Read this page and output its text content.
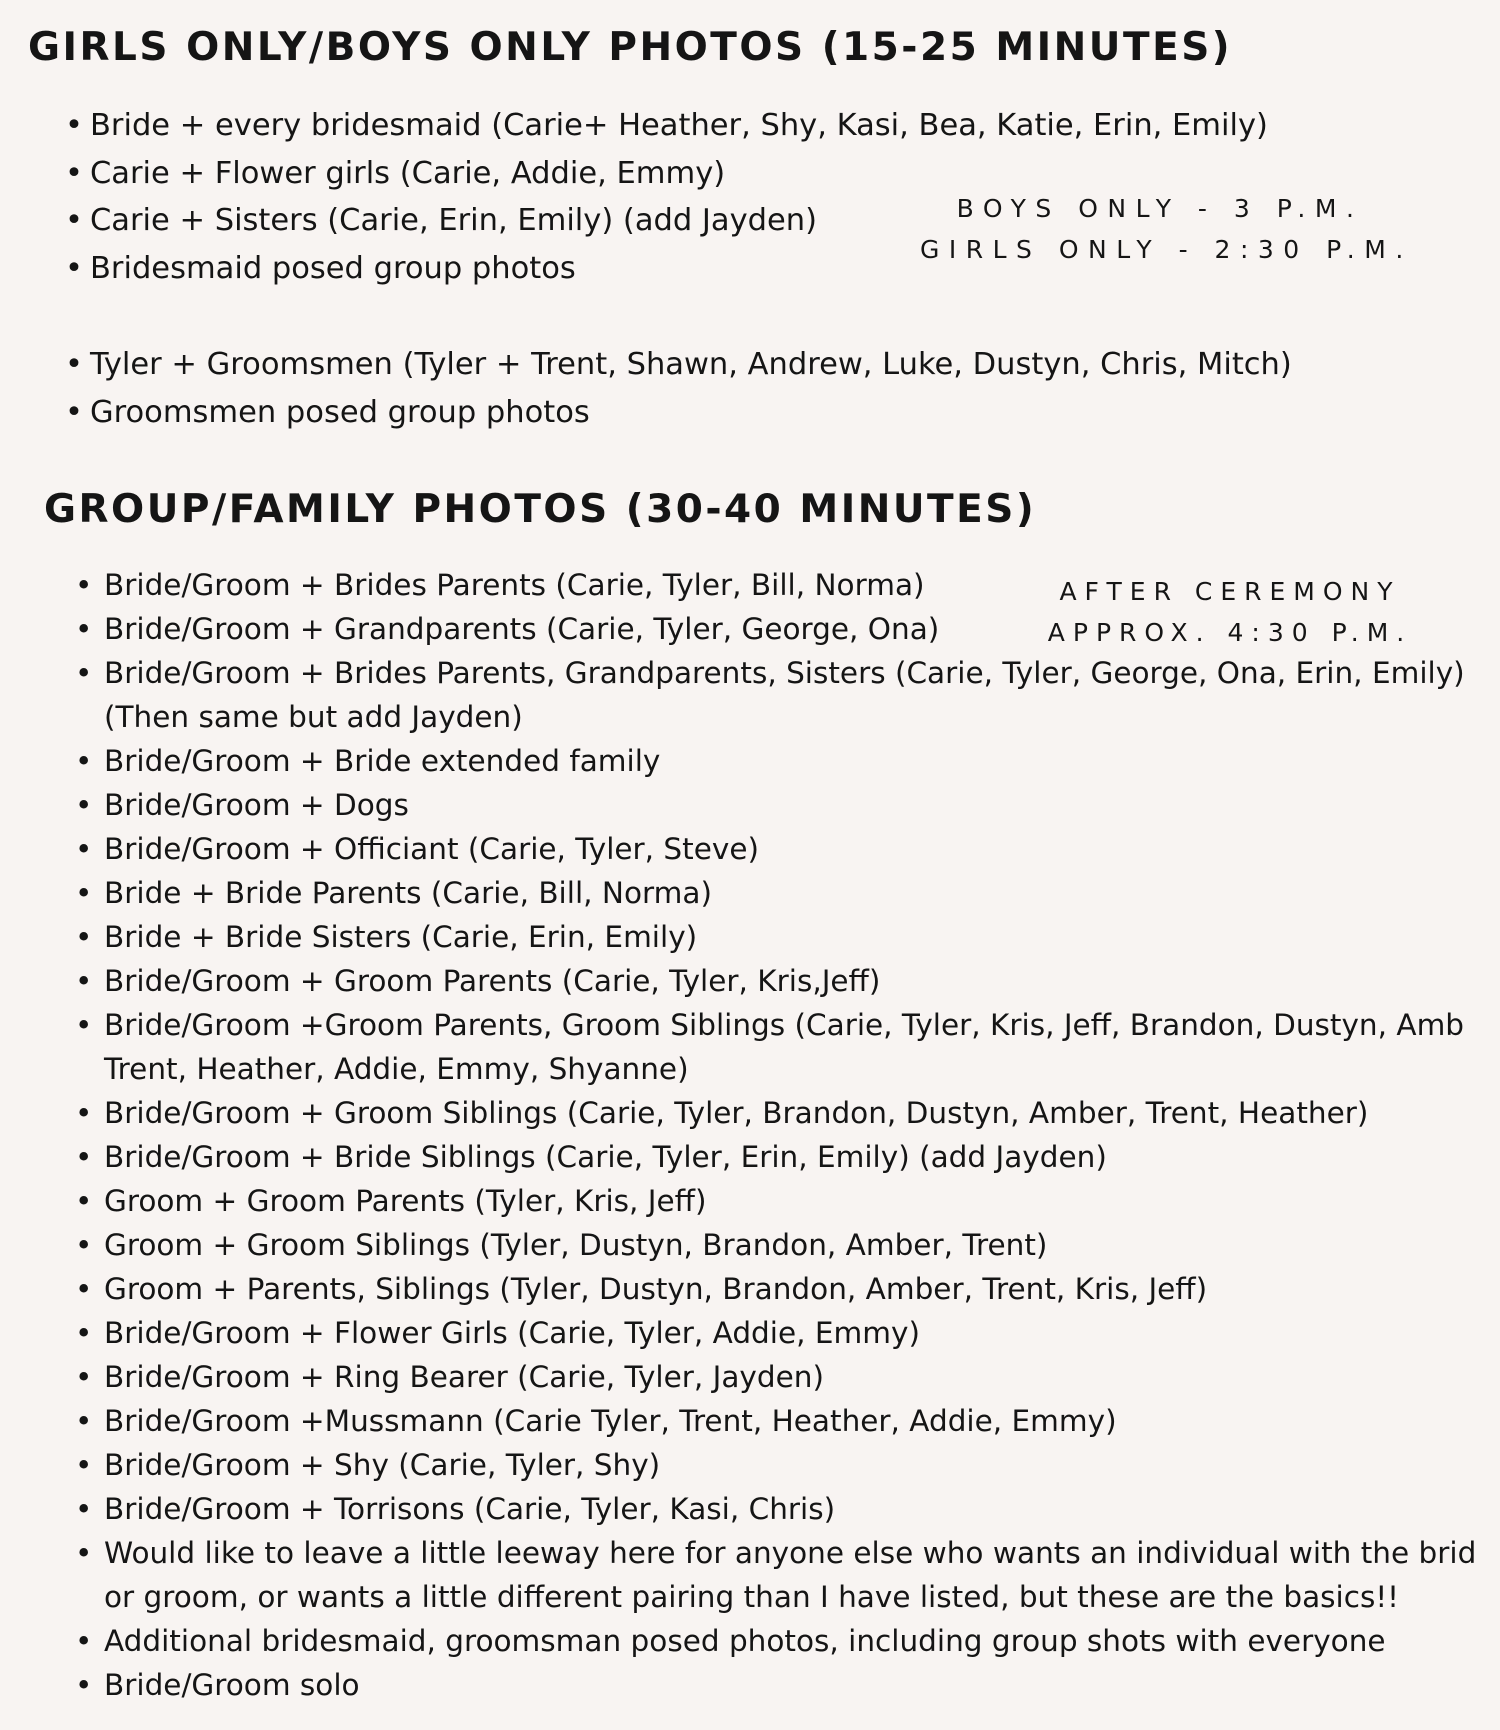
GIRLS ONLY/BOYS ONLY PHOTOS (15-25 MINUTES)
• Bride + every bridesmaid (Carie+ Heather, Shy, Kasi, Bea, Katie, Erin, Emily)
• Carie + Flower girls (Carie, Addie, Emmy)
• Carie + Sisters (Carie, Erin, Emily) (add Jayden)
• Bridesmaid posed group photos
BOYS ONLY - 3 P.M.
GIRLS ONLY - 2:30 P.M.
• Tyler + Groomsmen (Tyler + Trent, Shawn, Andrew, Luke, Dustyn, Chris, Mitch)
• Groomsmen posed group photos
GROUP/FAMILY PHOTOS (30-40 MINUTES)
AFTER CEREMONY
APPROX. 4:30 P.M.
• Bride/Groom + Brides Parents (Carie, Tyler, Bill, Norma)
• Bride/Groom + Grandparents (Carie, Tyler, George, Ona)
• Bride/Groom + Brides Parents, Grandparents, Sisters (Carie, Tyler, George, Ona, Erin, Emily)
(Then same but add Jayden)
• Bride/Groom + Bride extended family
• Bride/Groom + Dogs
• Bride/Groom + Officiant (Carie, Tyler, Steve)
• Bride + Bride Parents (Carie, Bill, Norma)
• Bride + Bride Sisters (Carie, Erin, Emily)
• Bride/Groom + Groom Parents (Carie, Tyler, Kris,Jeff)
• Bride/Groom +Groom Parents, Groom Siblings (Carie, Tyler, Kris, Jeff, Brandon, Dustyn, Amb
Trent, Heather, Addie, Emmy, Shyanne)
• Bride/Groom + Groom Siblings (Carie, Tyler, Brandon, Dustyn, Amber, Trent, Heather)
• Bride/Groom + Bride Siblings (Carie, Tyler, Erin, Emily) (add Jayden)
• Groom + Groom Parents (Tyler, Kris, Jeff)
• Groom + Groom Siblings (Tyler, Dustyn, Brandon, Amber, Trent)
• Groom + Parents, Siblings (Tyler, Dustyn, Brandon, Amber, Trent, Kris, Jeff)
• Bride/Groom + Flower Girls (Carie, Tyler, Addie, Emmy)
• Bride/Groom + Ring Bearer (Carie, Tyler, Jayden)
• Bride/Groom +Mussmann (Carie Tyler, Trent, Heather, Addie, Emmy)
• Bride/Groom + Shy (Carie, Tyler, Shy)
• Bride/Groom + Torrisons (Carie, Tyler, Kasi, Chris)
• Would like to leave a little leeway here for anyone else who wants an individual with the brid
or groom, or wants a little different pairing than I have listed, but these are the basics!!
• Additional bridesmaid, groomsman posed photos, including group shots with everyone
• Bride/Groom solo
